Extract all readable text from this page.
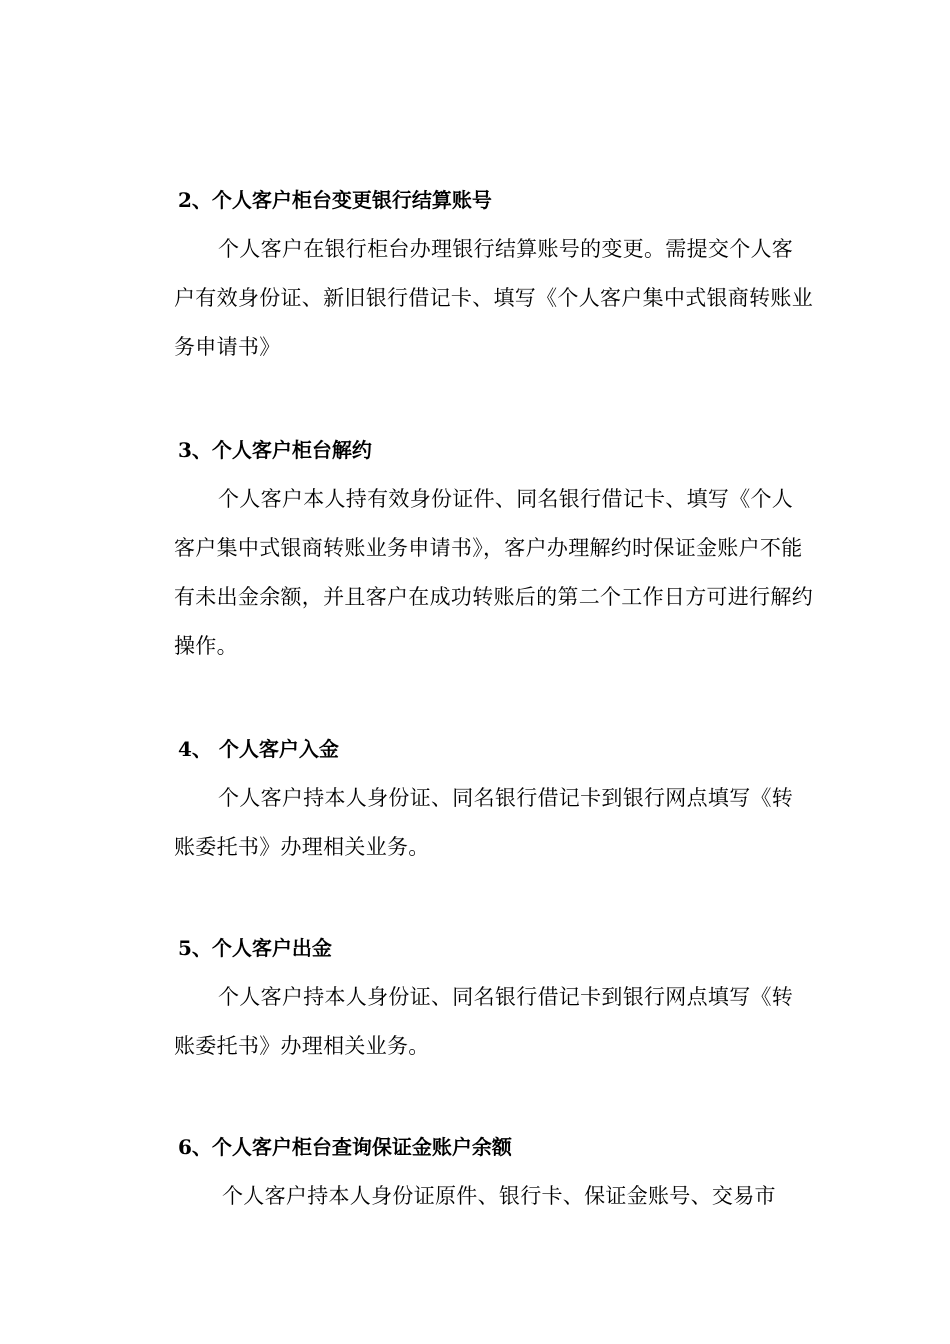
2、个人客户柜台变更银行结算账号
个人客户在银行柜台办理银行结算账号的变更。需提交个人客户有效身份证、新旧银行借记卡、填写《个人客户集中式银商转账业务申请书》
3、个人客户柜台解约
个人客户本人持有效身份证件、同名银行借记卡、填写《个人客户集中式银商转账业务申请书》，客户办理解约时保证金账户不能有未出金余额，并且客户在成功转账后的第二个工作日方可进行解约操作。
4、 个人客户入金
个人客户持本人身份证、同名银行借记卡到银行网点填写《转账委托书》办理相关业务。
5、个人客户出金
个人客户持本人身份证、同名银行借记卡到银行网点填写《转账委托书》办理相关业务。
6、个人客户柜台查询保证金账户余额
个人客户持本人身份证原件、银行卡、保证金账号、交易市
